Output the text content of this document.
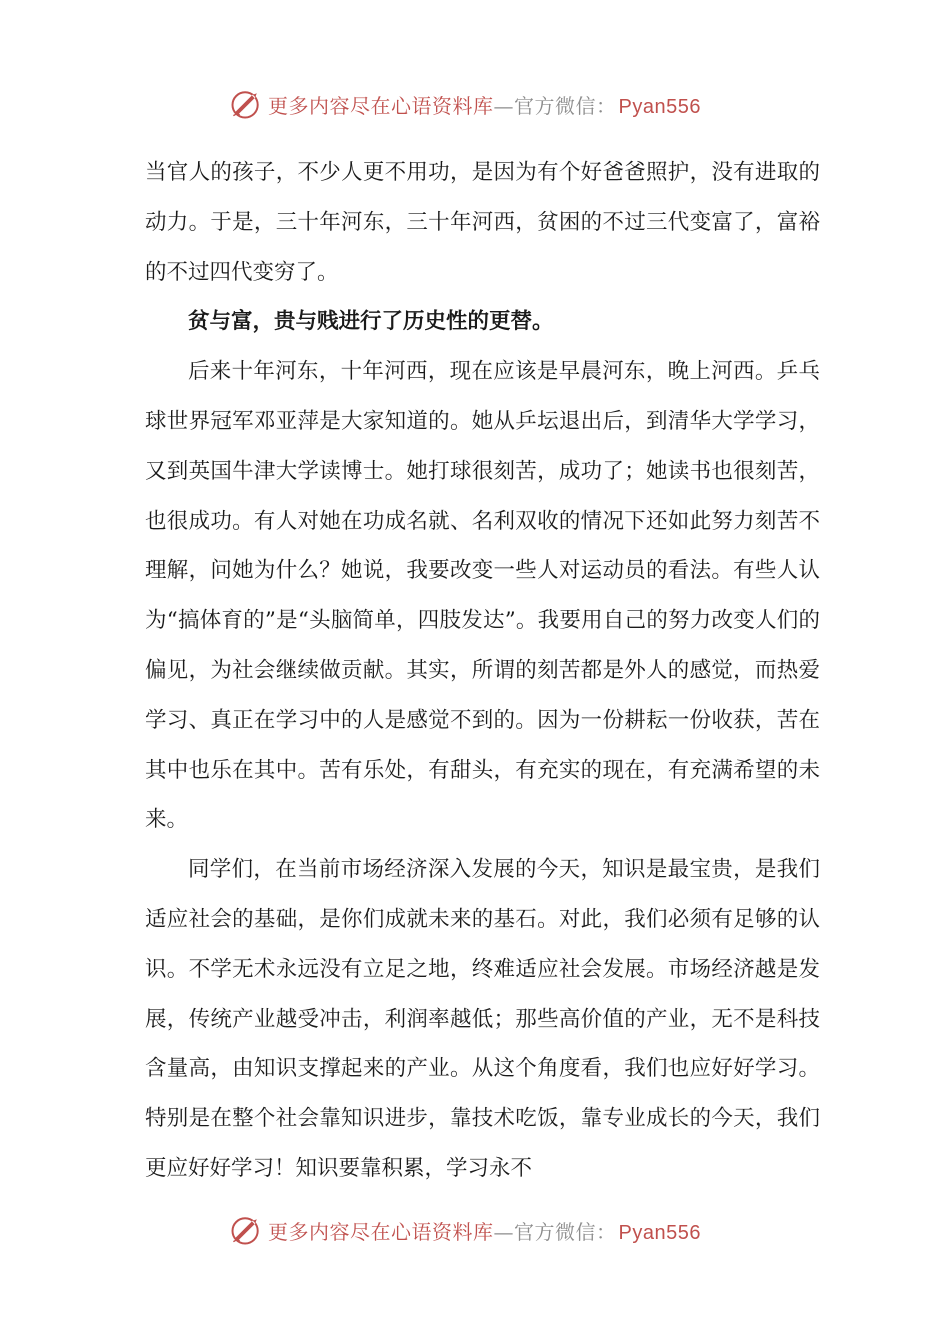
更多内容尽在心语资料库 — 官方微信： Pyan556

当官人的孩子，不少人更不用功，是因为有个好爸爸照护，没有进取的动力。于是，三十年河东，三十年河西，贫困的不过三代变富了，富裕的不过四代变穷了。

贫与富，贵与贱进行了历史性的更替。

后来十年河东，十年河西，现在应该是早晨河东，晚上河西。乒乓球世界冠军邓亚萍是大家知道的。她从乒坛退出后，到清华大学学习，又到英国牛津大学读博士。她打球很刻苦，成功了；她读书也很刻苦，也很成功。有人对她在功成名就、名利双收的情况下还如此努力刻苦不理解，问她为什么？她说，我要改变一些人对运动员的看法。有些人认为“搞体育的”是“头脑简单，四肢发达”。我要用自己的努力改变人们的偏见，为社会继续做贡献。其实，所谓的刻苦都是外人的感觉，而热爱学习、真正在学习中的人是感觉不到的。因为一份耕耘一份收获，苦在其中也乐在其中。苦有乐处，有甜头，有充实的现在，有充满希望的未来。

同学们，在当前市场经济深入发展的今天，知识是最宝贵，是我们适应社会的基础，是你们成就未来的基石。对此，我们必须有足够的认识。不学无术永远没有立足之地，终难适应社会发展。市场经济越是发展，传统产业越受冲击，利润率越低；那些高价值的产业，无不是科技含量高，由知识支撑起来的产业。从这个角度看，我们也应好好学习。特别是在整个社会靠知识进步，靠技术吃饭，靠专业成长的今天，我们更应好好学习！知识要靠积累，学习永不

更多内容尽在心语资料库 — 官方微信： Pyan556
